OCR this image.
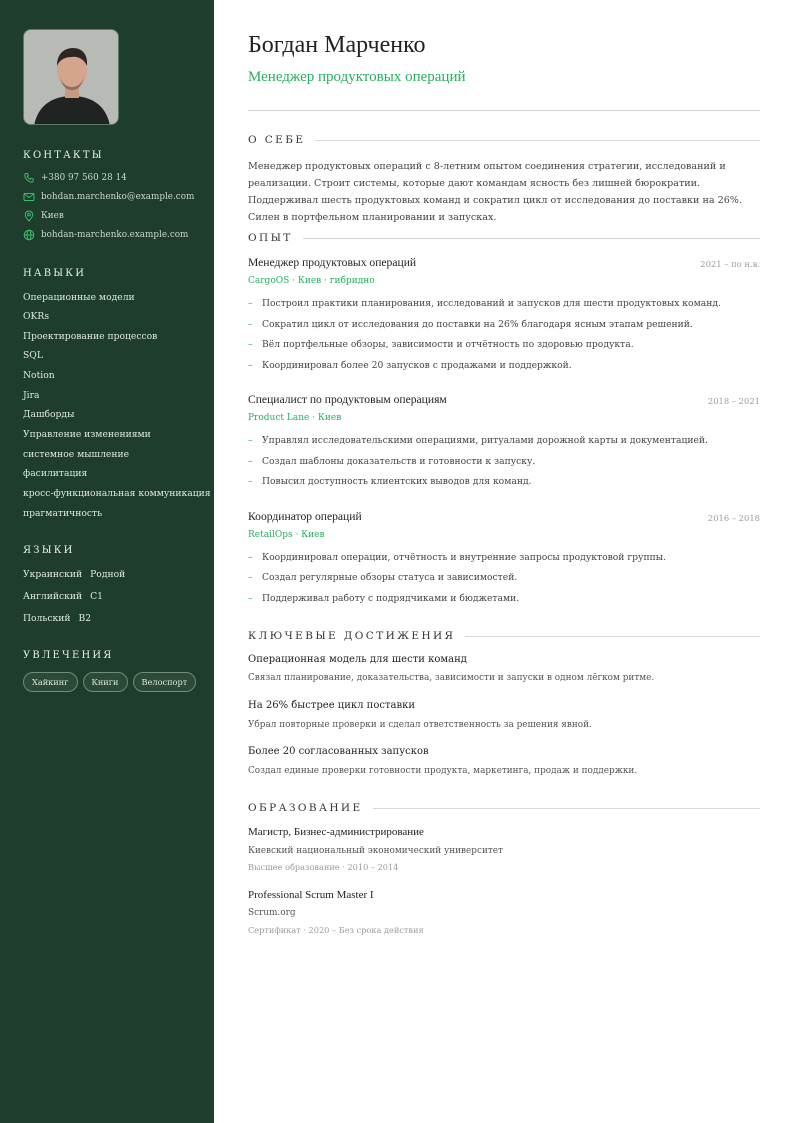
КОНТАКТЫ
+380 97 560 28 14
bohdan.marchenko@example.com
Киев
bohdan-marchenko.example.com
НАВЫКИ
Операционные модели
OKRs
Проектирование процессов
SQL
Notion
Jira
Дашборды
Управление изменениями
системное мышление
фасилитация
кросс-функциональная коммуникация
прагматичность
ЯЗЫКИ
Украинский Родной
Английский C1
Польский B2
УВЛЕЧЕНИЯ
Хайкинг	Книги	Велоспорт
Богдан Марченко
Менеджер продуктовых операций
О СЕБЕ
Менеджер продуктовых операций с 8-летним опытом соединения стратегии, исследований и реализации. Строит системы, которые дают командам ясность без лишней бюрократии. Поддерживал шесть продуктовых команд и сократил цикл от исследования до поставки на 26%. Силен в портфельном планировании и запусках.
ОПЫТ
Менеджер продуктовых операций	2021 – по н.в.
CargoOS · Киев · гибридно
– Построил практики планирования, исследований и запусков для шести продуктовых команд.
– Сократил цикл от исследования до поставки на 26% благодаря ясным этапам решений.
– Вёл портфельные обзоры, зависимости и отчётность по здоровью продукта.
– Координировал более 20 запусков с продажами и поддержкой.
Специалист по продуктовым операциям	2018 – 2021
Product Lane · Киев
– Управлял исследовательскими операциями, ритуалами дорожной карты и документацией.
– Создал шаблоны доказательств и готовности к запуску.
– Повысил доступность клиентских выводов для команд.
Координатор операций	2016 – 2018
RetailOps · Киев
– Координировал операции, отчётность и внутренние запросы продуктовой группы.
– Создал регулярные обзоры статуса и зависимостей.
– Поддерживал работу с подрядчиками и бюджетами.
КЛЮЧЕВЫЕ ДОСТИЖЕНИЯ
Операционная модель для шести команд
Связал планирование, доказательства, зависимости и запуски в одном лёгком ритме.
На 26% быстрее цикл поставки
Убрал повторные проверки и сделал ответственность за решения явной.
Более 20 согласованных запусков
Создал единые проверки готовности продукта, маркетинга, продаж и поддержки.
ОБРАЗОВАНИЕ
Магистр, Бизнес-администрирование
Киевский национальный экономический университет
Высшее образование · 2010 – 2014
Professional Scrum Master I
Scrum.org
Сертификат · 2020 – Без срока действия
